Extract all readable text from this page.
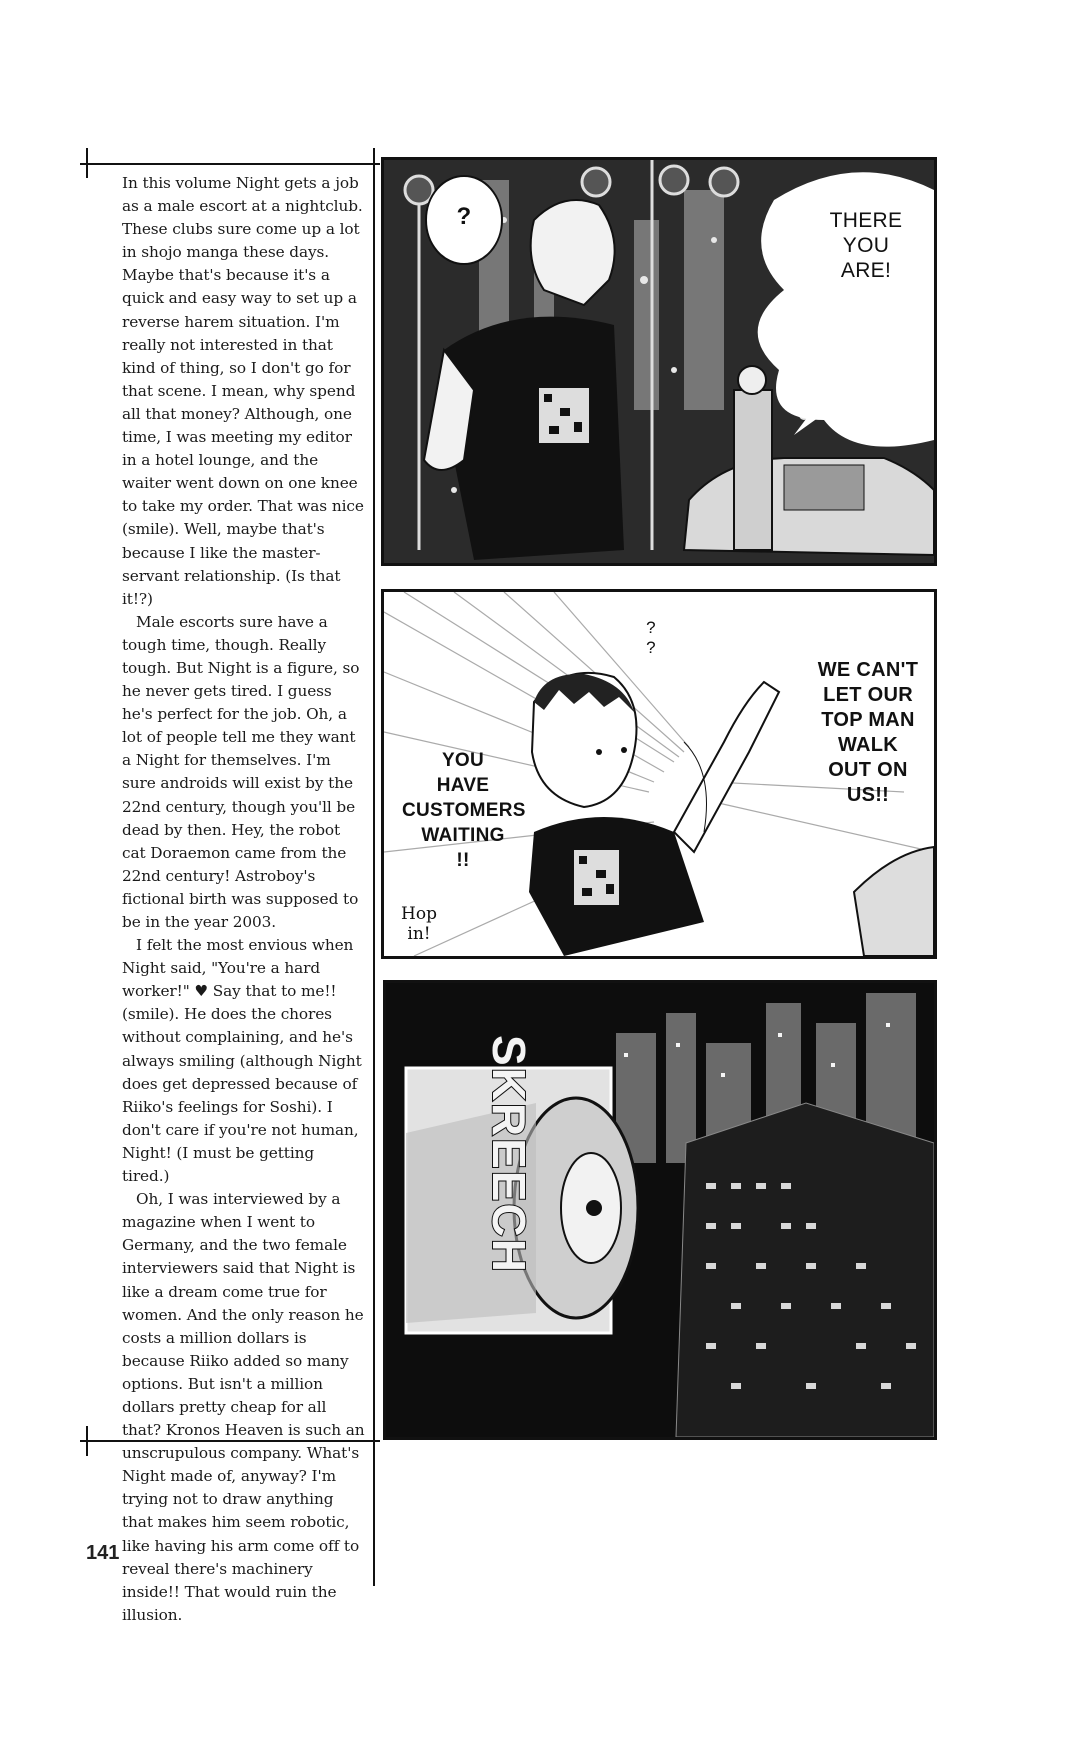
In this volume Night gets a job as a male escort at a nightclub. These clubs sure come up a lot in shojo manga these days. Maybe that's because it's a quick and easy way to set up a reverse harem situation. I'm really not interested in that kind of thing, so I don't go for that scene. I mean, why spend all that money? Although, one time, I was meeting my editor in a hotel lounge, and the waiter went down on one knee to take my order. That was nice (smile). Well, maybe that's because I like the master-servant relationship. (Is that it!?)

Male escorts sure have a tough time, though. Really tough. But Night is a figure, so he never gets tired. I guess he's perfect for the job. Oh, a lot of people tell me they want a Night for themselves. I'm sure androids will exist by the 22nd century, though you'll be dead by then. Hey, the robot cat Doraemon came from the 22nd century! Astroboy's fictional birth was supposed to be in the year 2003.

I felt the most envious when Night said, "You're a hard worker!" ♥ Say that to me!! (smile). He does the chores without complaining, and he's always smiling (although Night does get depressed because of Riiko's feelings for Soshi). I don't care if you're not human, Night! (I must be getting tired.)

Oh, I was interviewed by a magazine when I went to Germany, and the two female interviewers said that Night is like a dream come true for women. And the only reason he costs a million dollars is because Riiko added so many options. But isn't a million dollars pretty cheap for all that? Kronos Heaven is such an unscrupulous company. What's Night made of, anyway? I'm trying not to draw anything that makes him seem robotic, like having his arm come off to reveal there's machinery inside!! That would ruin the illusion.

141
?	THERE
YOU
ARE!
?
?
WE CAN'T
LET OUR
TOP MAN
WALK
OUT ON
US!!
YOU
HAVE
CUSTOMERS
WAITING
!!
Hop in!
SKREECH
